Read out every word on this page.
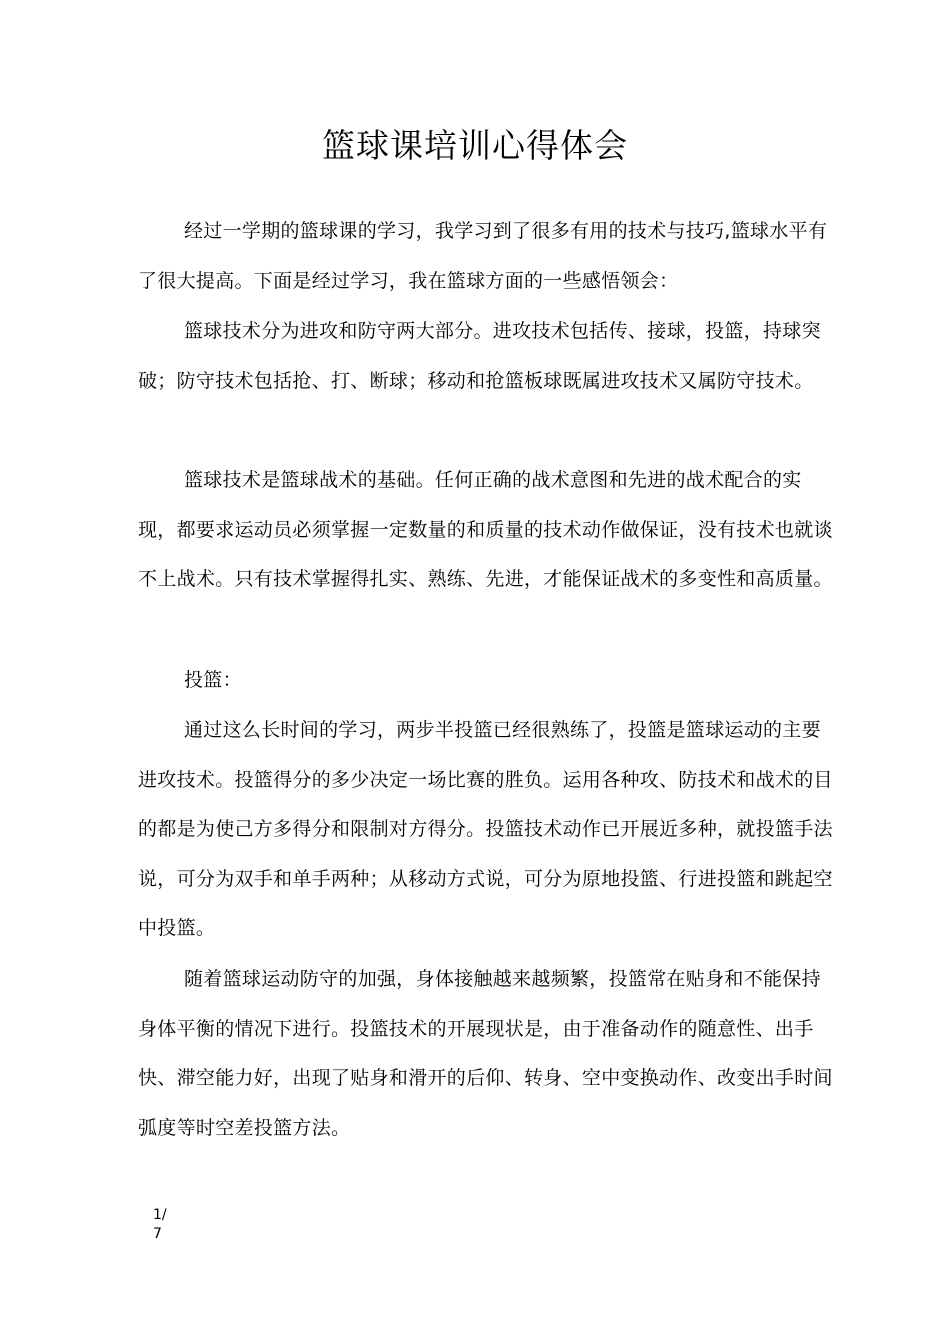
篮球课培训心得体会

经过一学期的篮球课的学习，我学习到了很多有用的技术与技巧,篮球水平有了很大提高。下面是经过学习，我在篮球方面的一些感悟领会：

篮球技术分为进攻和防守两大部分。进攻技术包括传、接球，投篮，持球突破；防守技术包括抢、打、断球；移动和抢篮板球既属进攻技术又属防守技术。

篮球技术是篮球战术的基础。任何正确的战术意图和先进的战术配合的实现，都要求运动员必须掌握一定数量的和质量的技术动作做保证，没有技术也就谈不上战术。只有技术掌握得扎实、熟练、先进，才能保证战术的多变性和高质量。

投篮：

通过这么长时间的学习，两步半投篮已经很熟练了，投篮是篮球运动的主要进攻技术。投篮得分的多少决定一场比赛的胜负。运用各种攻、防技术和战术的目的都是为使己方多得分和限制对方得分。投篮技术动作已开展近多种，就投篮手法说，可分为双手和单手两种；从移动方式说，可分为原地投篮、行进投篮和跳起空中投篮。

随着篮球运动防守的加强，身体接触越来越频繁，投篮常在贴身和不能保持身体平衡的情况下进行。投篮技术的开展现状是，由于准备动作的随意性、出手快、滞空能力好，出现了贴身和滑开的后仰、转身、空中变换动作、改变出手时间弧度等时空差投篮方法。

1/7
